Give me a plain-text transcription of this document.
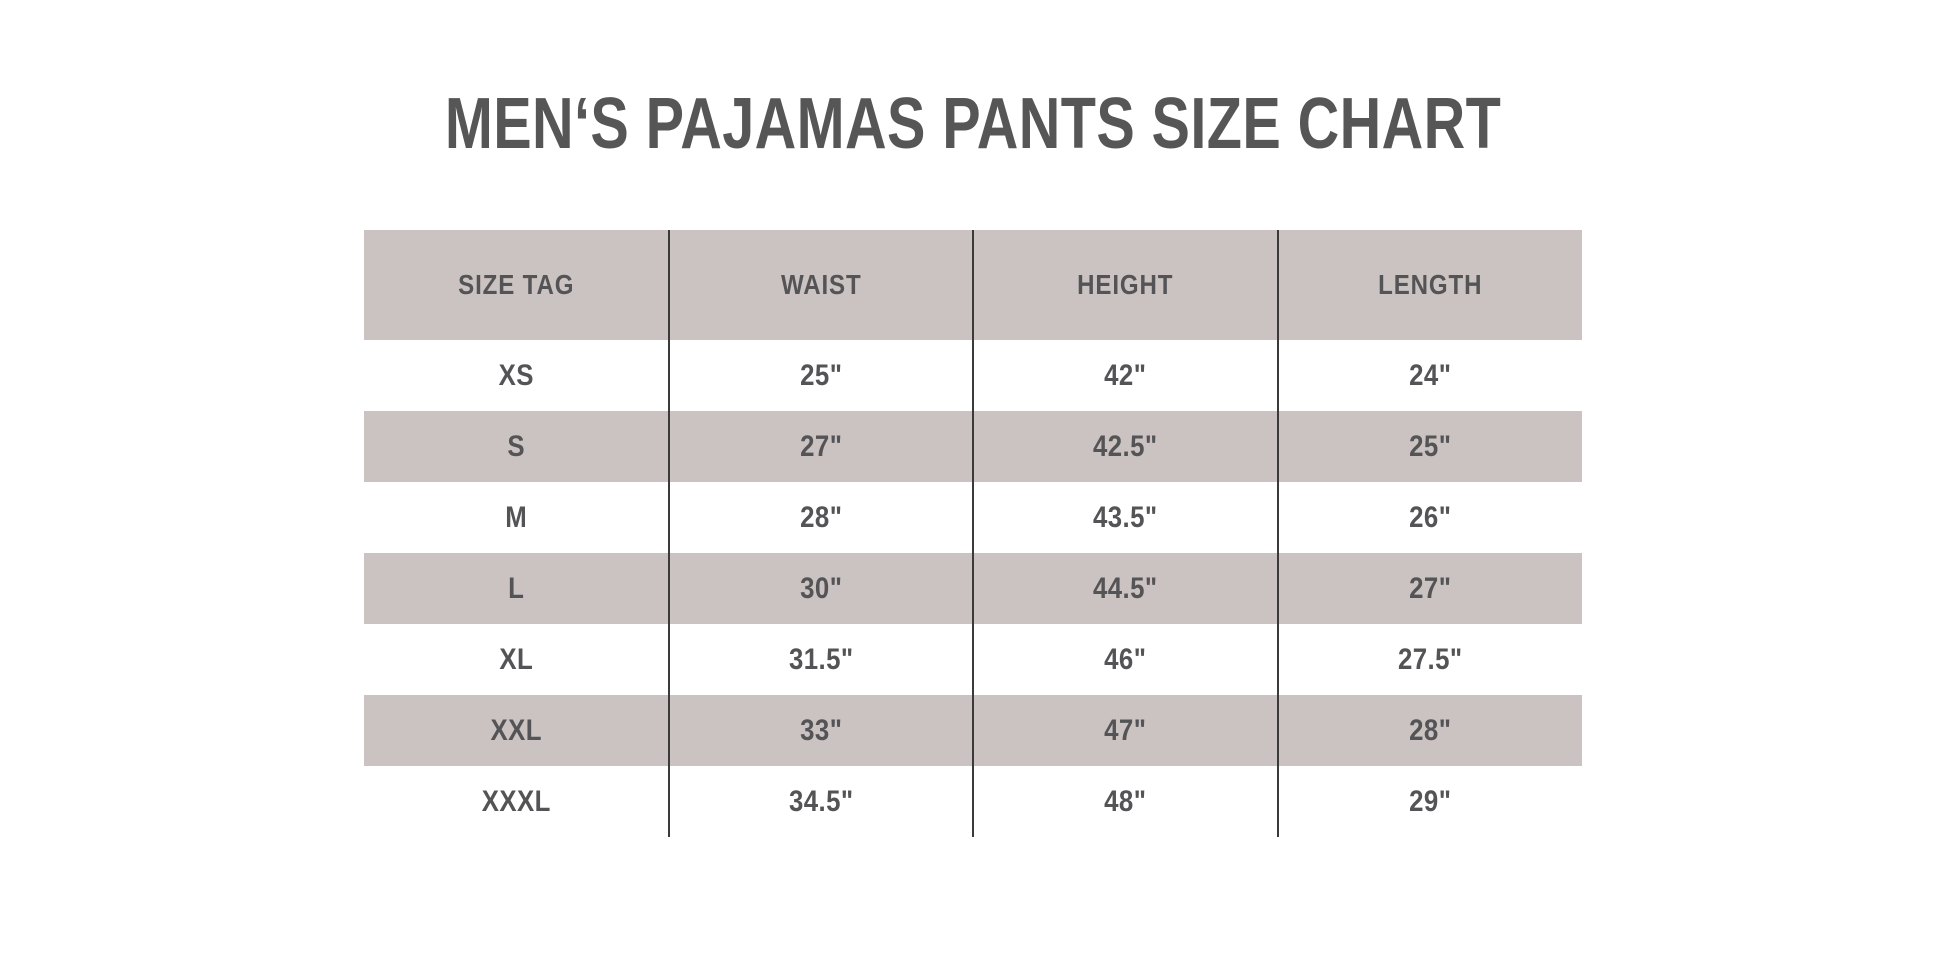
MEN‘S PAJAMAS PANTS SIZE CHART
SIZE TAG	WAIST	HEIGHT	LENGTH
XS	25"	42"	24"
S	27"	42.5"	25"
M	28"	43.5"	26"
L	30"	44.5"	27"
XL	31.5"	46"	27.5"
XXL	33"	47"	28"
XXXL	34.5"	48"	29"
